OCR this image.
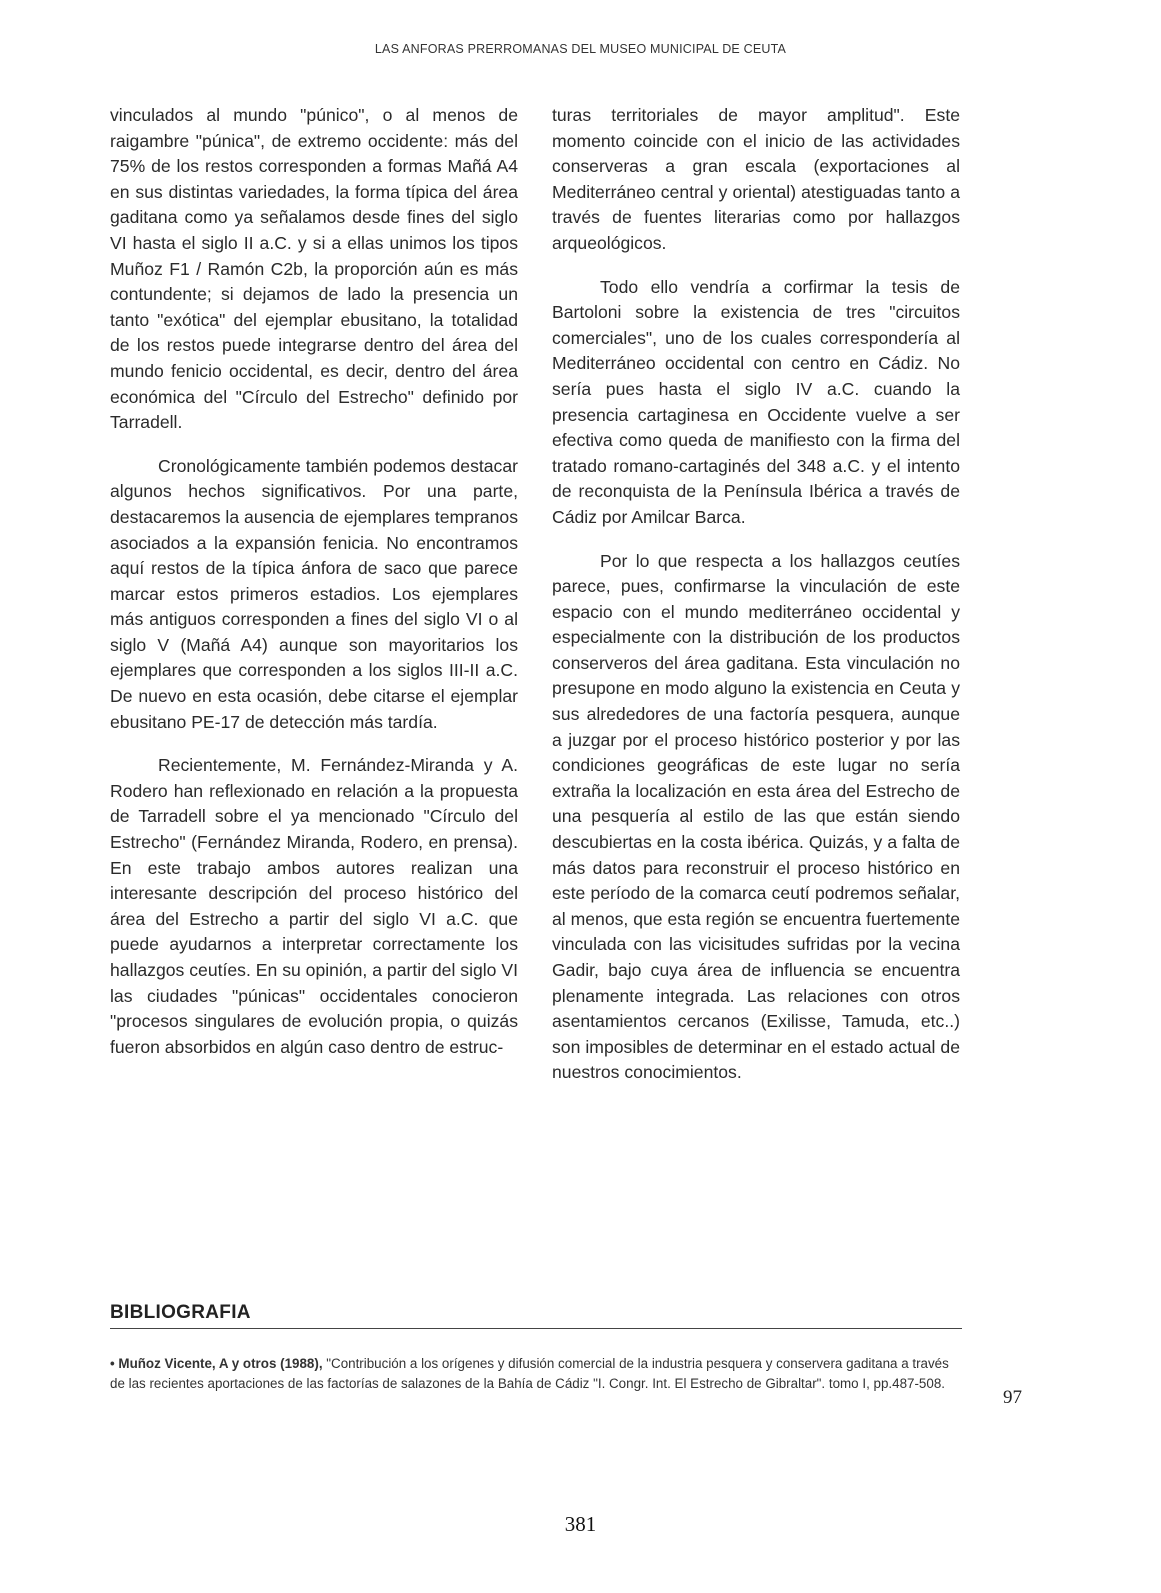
LAS ANFORAS PRERROMANAS DEL MUSEO MUNICIPAL DE CEUTA

vinculados al mundo "púnico", o al menos de raigambre "púnica", de extremo occidente: más del 75% de los restos corresponden a formas Mañá A4 en sus distintas variedades, la forma típica del área gaditana como ya señalamos desde fines del siglo VI hasta el siglo II a.C. y si a ellas unimos los tipos Muñoz F1 / Ramón C2b, la proporción aún es más contundente; si dejamos de lado la presencia un tanto "exótica" del ejemplar ebusitano, la totalidad de los restos puede integrarse dentro del área del mundo fenicio occidental, es decir, dentro del área económica del "Círculo del Estrecho" definido por Tarradell.

Cronológicamente también podemos destacar algunos hechos significativos. Por una parte, destacaremos la ausencia de ejemplares tempranos asociados a la expansión fenicia. No encontramos aquí restos de la típica ánfora de saco que parece marcar estos primeros estadios. Los ejemplares más antiguos corresponden a fines del siglo VI o al siglo V (Mañá A4) aunque son mayoritarios los ejemplares que corresponden a los siglos III-II a.C. De nuevo en esta ocasión, debe citarse el ejemplar ebusitano PE-17 de detección más tardía.

Recientemente, M. Fernández-Miranda y A. Rodero han reflexionado en relación a la propuesta de Tarradell sobre el ya mencionado "Círculo del Estrecho" (Fernández Miranda, Rodero, en prensa). En este trabajo ambos autores realizan una interesante descripción del proceso histórico del área del Estrecho a partir del siglo VI a.C. que puede ayudarnos a interpretar correctamente los hallazgos ceutíes. En su opinión, a partir del siglo VI las ciudades "púnicas" occidentales conocieron "procesos singulares de evolución propia, o quizás fueron absorbidos en algún caso dentro de estruc-

turas territoriales de mayor amplitud". Este momento coincide con el inicio de las actividades conserveras a gran escala (exportaciones al Mediterráneo central y oriental) atestiguadas tanto a través de fuentes literarias como por hallazgos arqueológicos.

Todo ello vendría a corfirmar la tesis de Bartoloni sobre la existencia de tres "circuitos comerciales", uno de los cuales correspondería al Mediterráneo occidental con centro en Cádiz. No sería pues hasta el siglo IV a.C. cuando la presencia cartaginesa en Occidente vuelve a ser efectiva como queda de manifiesto con la firma del tratado romano-cartaginés del 348 a.C. y el intento de reconquista de la Península Ibérica a través de Cádiz por Amilcar Barca.

Por lo que respecta a los hallazgos ceutíes parece, pues, confirmarse la vinculación de este espacio con el mundo mediterráneo occidental y especialmente con la distribución de los productos conserveros del área gaditana. Esta vinculación no presupone en modo alguno la existencia en Ceuta y sus alrededores de una factoría pesquera, aunque a juzgar por el proceso histórico posterior y por las condiciones geográficas de este lugar no sería extraña la localización en esta área del Estrecho de una pesquería al estilo de las que están siendo descubiertas en la costa ibérica. Quizás, y a falta de más datos para reconstruir el proceso histórico en este período de la comarca ceutí podremos señalar, al menos, que esta región se encuentra fuertemente vinculada con las vicisitudes sufridas por la vecina Gadir, bajo cuya área de influencia se encuentra plenamente integrada. Las relaciones con otros asentamientos cercanos (Exilisse, Tamuda, etc..) son imposibles de determinar en el estado actual de nuestros conocimientos.

BIBLIOGRAFIA
• Muñoz Vicente, A y otros (1988), "Contribución a los orígenes y difusión comercial de la industria pesquera y conservera gaditana a través de las recientes aportaciones de las factorías de salazones de la Bahía de Cádiz "I. Congr. Int. El Estrecho de Gibraltar". tomo I, pp.487-508.
97
381
